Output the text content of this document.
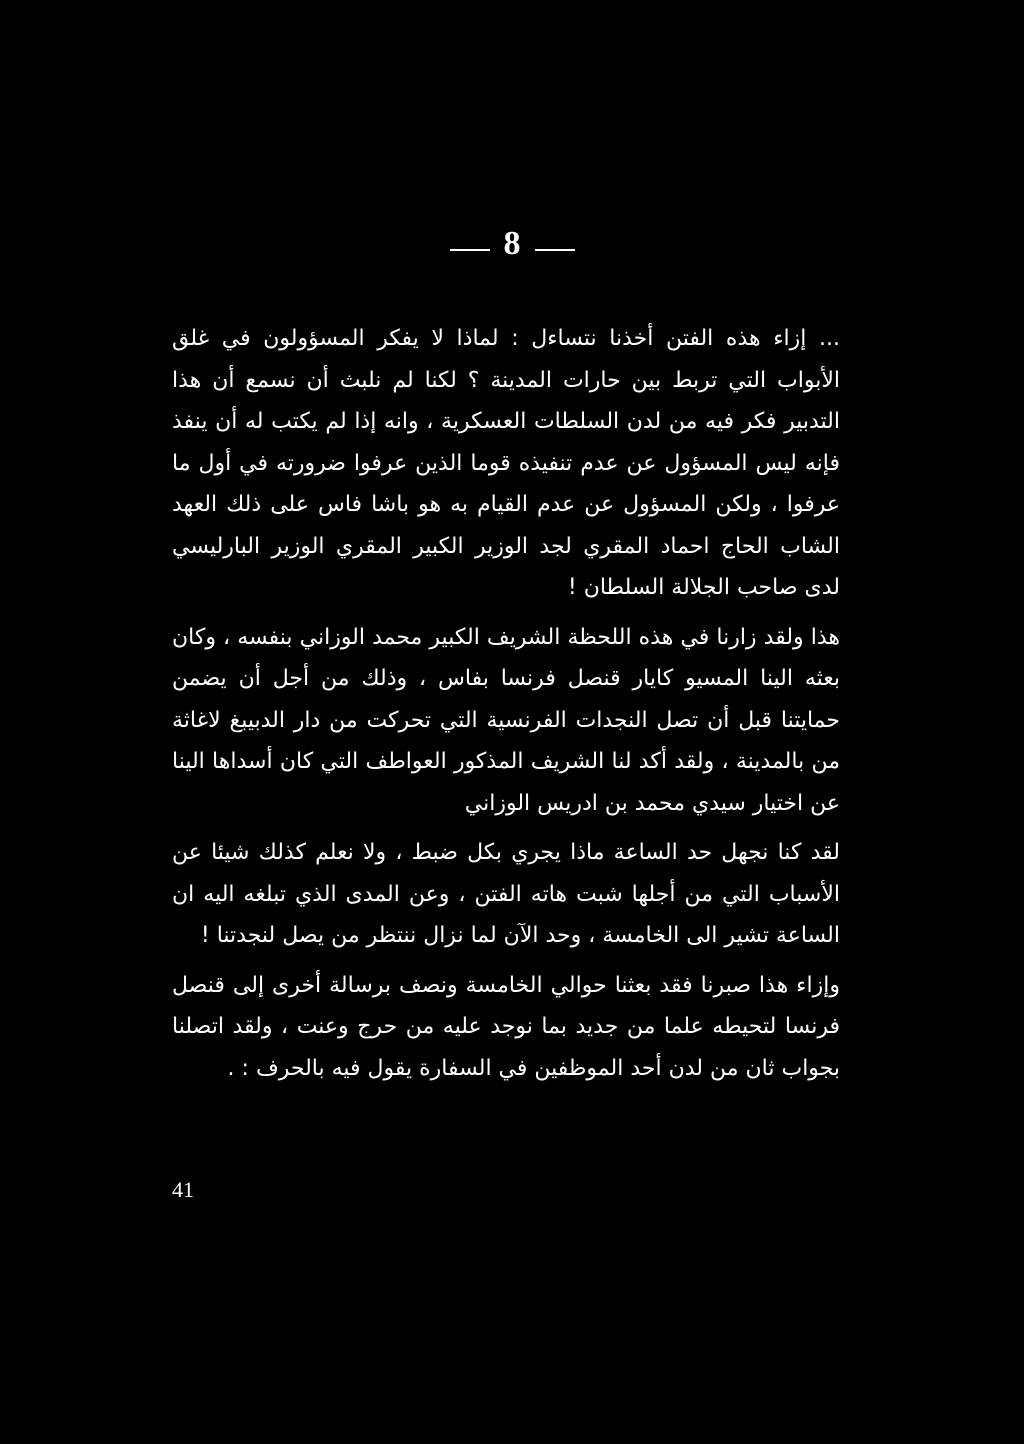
8

... إزاء هذه الفتن أخذنا نتساءل : لماذا لا يفكر المسؤولون في غلق الأبواب التي تربط بين حارات المدينة ؟ لكنا لم نلبث أن نسمع أن هذا التدبير فكر فيه من لدن السلطات العسكرية ، وانه إذا لم يكتب له أن ينفذ فإنه ليس المسؤول عن عدم تنفيذه قوما الذين عرفوا ضرورته في أول ما عرفوا ، ولكن المسؤول عن عدم القيام به هو باشا فاس على ذلك العهد الشاب الحاج احماد المقري لجد الوزير الكبير المقري الوزير البارليسي لدى صاحب الجلالة السلطان !

هذا ولقد زارنا في هذه اللحظة الشريف الكبير محمد الوزاني بنفسه ، وكان بعثه الينا المسيو كايار قنصل فرنسا بفاس ، وذلك من أجل أن يضمن حمايتنا قبل أن تصل النجدات الفرنسية التي تحركت من دار الدبيبغ لاغاثة من بالمدينة ، ولقد أكد لنا الشريف المذكور العواطف التي كان أسداها الينا عن اختيار سيدي محمد بن ادريس الوزاني

لقد كنا نجهل حد الساعة ماذا يجري بكل ضبط ، ولا نعلم كذلك شيئا عن الأسباب التي من أجلها شبت هاته الفتن ، وعن المدى الذي تبلغه اليه ان الساعة تشير الى الخامسة ، وحد الآن لما نزال ننتظر من يصل لنجدتنا !

وإزاء هذا صبرنا فقد بعثنا حوالي الخامسة ونصف برسالة أخرى إلى قنصل فرنسا لتحيطه علما من جديد بما نوجد عليه من حرج وعنت ، ولقد اتصلنا بجواب ثان من لدن أحد الموظفين في السفارة يقول فيه بالحرف : .

41
